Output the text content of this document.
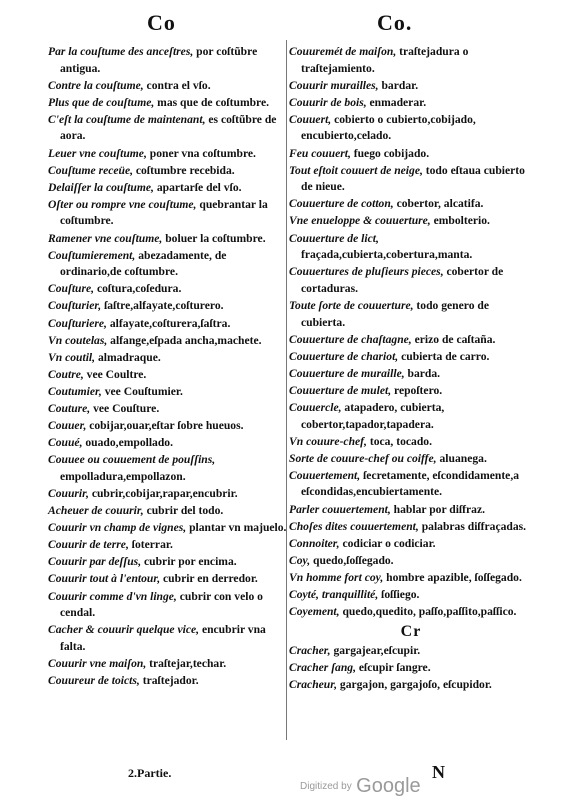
Co	Co.
Par la couſtume des anceſtres, por coſtũbre antigua.
Contre la couſtume, contra el vſo.
Plus que de couſtume, mas que de coſtumbre.
C'eſt la couſtume de maintenant, es coſtũbre de aora.
Leuer vne couſtume, poner vna coſtumbre.
Couſtume receüe, coſtumbre recebida.
Delaiſſer la couſtume, apartarſe del vſo.
Oſter ou rompre vne couſtume, quebrantar la coſtumbre.
Ramener vne couſtume, boluer la coſtumbre.
Couſtumierement, abezadamente, de ordinario,de coſtumbre.
Couſture, coſtura,coſedura.
Couſturier, ſaſtre,alfayate,coſturero.
Couſturiere, alfayate,coſturera,ſaſtra.
Vn coutelas, alfange,eſpada ancha,machete.
Vn coutil, almadraque.
Coutre, vee Coultre.
Coutumier, vee Couſtumier.
Couture, vee Couſture.
Couuer, cobijar,ouar,eſtar ſobre hueuos.
Couué, ouado,empollado.
Couuee ou couuement de pouſſins, empolladura,empollazon.
Couurir, cubrir,cobijar,rapar,encubrir.
Acheuer de couurir, cubrir del todo.
Couurir vn champ de vignes, plantar vn majuelo.
Couurir de terre, ſoterrar.
Couurir par deſſus, cubrir por encima.
Couurir tout à l'entour, cubrir en derredor.
Couurir comme d'vn linge, cubrir con velo o cendal.
Cacher & couurir quelque vice, encubrir vna falta.
Couurir vne maiſon, traſtejar,techar.
Couureur de toicts, traſtejador.
Couuremét de maiſon, traſtejadura o traſtejamiento.
Couurir murailles, bardar.
Couurir de bois, enmaderar.
Couuert, cobierto o cubierto,cobijado, encubierto,celado.
Feu couuert, fuego cobijado.
Tout eſtoit couuert de neige, todo eſtaua cubierto de nieue.
Couuerture de cotton, cobertor, alcatifa.
Vne enueloppe & couuerture, embolterio.
Couuerture de lict, fraçada,cubierta,cobertura,manta.
Couuertures de pluſieurs pieces, cobertor de cortaduras.
Toute ſorte de couuerture, todo genero de cubierta.
Couuerture de chaſtagne, erizo de caſtaña.
Couuerture de chariot, cubierta de carro.
Couuerture de muraille, barda.
Couuerture de mulet, repoſtero.
Couuercle, atapadero, cubierta, cobertor,tapador,tapadera.
Vn couure-chef, toca, tocado.
Sorte de couure-chef ou coiffe, aluanega.
Couuertement, ſecretamente, eſcondidamente,a eſcondidas,encubiertamente.
Parler couuertement, hablar por diſfraz.
Choſes dites couuertement, palabras diſfraçadas.
Connoiter, codiciar o codiciar.
Coy, quedo,ſoſſegado.
Vn homme fort coy, hombre apazible, ſoſſegado.
Coyté, tranquillité, ſoſſiego.
Coyement, quedo,quedito, paſſo,paſſito,paſſico.
Cr
Cracher, gargajear,eſcupir.
Cracher ſang, eſcupir ſangre.
Cracheur, gargajon, gargajoſo, eſcupidor.
2.Partie.	N
Digitized by Google
